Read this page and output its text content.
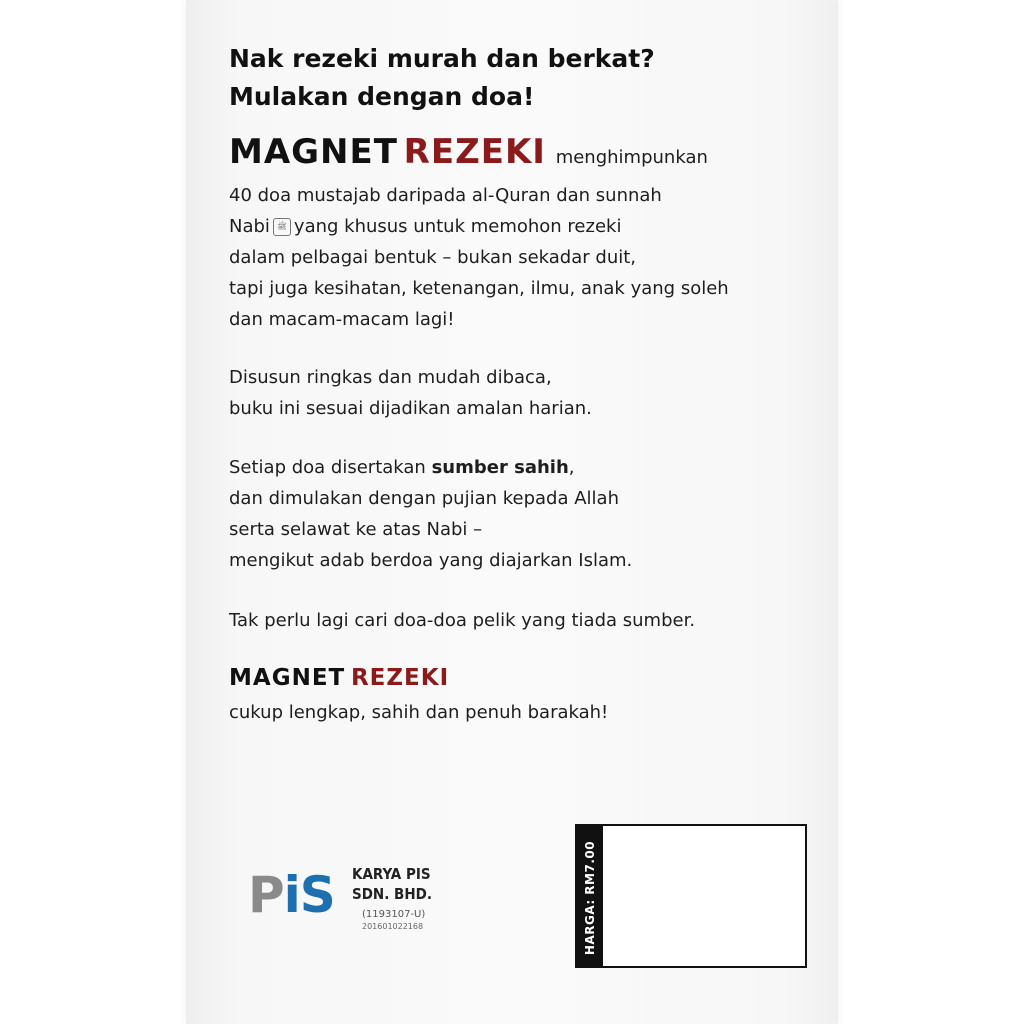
Nak rezeki murah dan berkat?
Mulakan dengan doa!
MAGNET REZEKI menghimpunkan
40 doa mustajab daripada al-Quran dan sunnah
Nabi ﷺ yang khusus untuk memohon rezeki
dalam pelbagai bentuk – bukan sekadar duit,
tapi juga kesihatan, ketenangan, ilmu, anak yang soleh
dan macam-macam lagi!
Disusun ringkas dan mudah dibaca,
buku ini sesuai dijadikan amalan harian.
Setiap doa disertakan sumber sahih,
dan dimulakan dengan pujian kepada Allah
serta selawat ke atas Nabi –
mengikut adab berdoa yang diajarkan Islam.
Tak perlu lagi cari doa-doa pelik yang tiada sumber.
MAGNET REZEKI
cukup lengkap, sahih dan penuh barakah!
PiS KARYA PIS
SDN. BHD.
(1193107-U)
201601022168	HARGA: RM7.00
